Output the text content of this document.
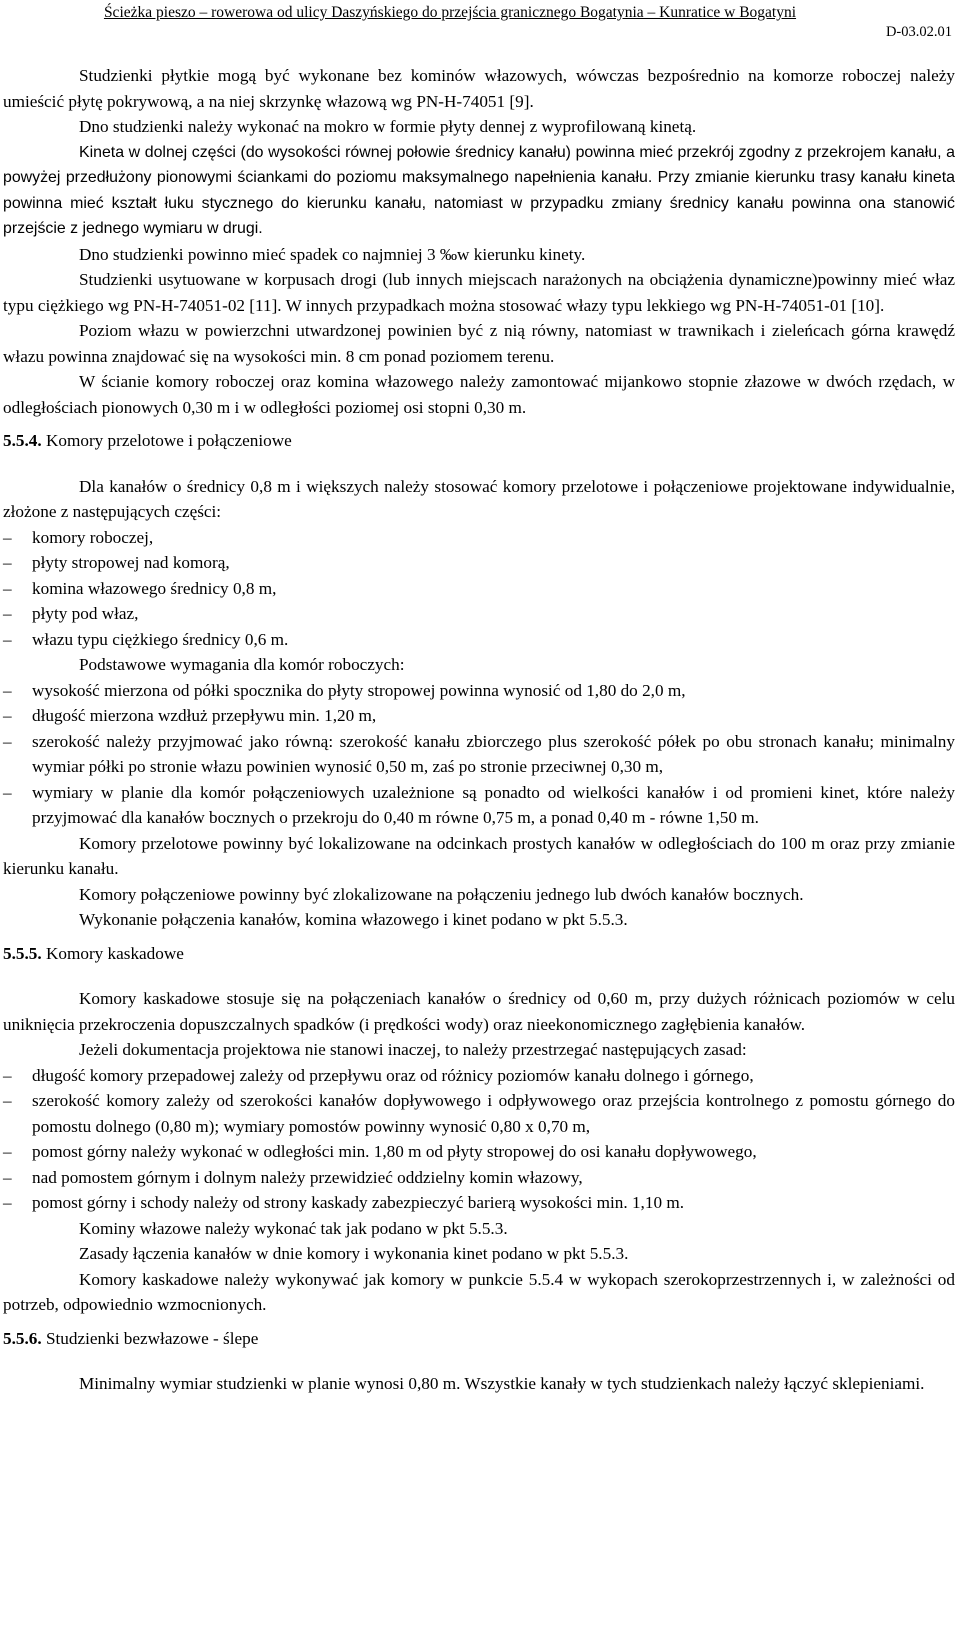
Ścieżka pieszo – rowerowa od ulicy Daszyńskiego do przejścia granicznego Bogatynia – Kunratice w Bogatyni
D-03.02.01

Studzienki płytkie mogą być wykonane bez kominów włazowych, wówczas bezpośrednio na komorze roboczej należy umieścić płytę pokrywową, a na niej skrzynkę włazową wg PN-H-74051 [9].

Dno studzienki należy wykonać na mokro w formie płyty dennej z wyprofilowaną kinetą.

Kineta w dolnej części (do wysokości równej połowie średnicy kanału) powinna mieć przekrój zgodny z przekrojem kanału, a powyżej przedłużony pionowymi ściankami do poziomu maksymalnego napełnienia kanału. Przy zmianie kierunku trasy kanału kineta powinna mieć kształt łuku stycznego do kierunku kanału, natomiast w przypadku zmiany średnicy kanału powinna ona stanowić przejście z jednego wymiaru w drugi.

Dno studzienki powinno mieć spadek co najmniej 3 ‰w kierunku kinety.

Studzienki usytuowane w korpusach drogi (lub innych miejscach narażonych na obciążenia dynamiczne)powinny mieć właz typu ciężkiego wg PN-H-74051-02 [11]. W innych przypadkach można stosować włazy typu lekkiego wg PN-H-74051-01 [10].

Poziom włazu w powierzchni utwardzonej powinien być z nią równy, natomiast w trawnikach i zieleńcach górna krawędź włazu powinna znajdować się na wysokości min. 8 cm ponad poziomem terenu.

W ścianie komory roboczej oraz komina włazowego należy zamontować mijankowo stopnie złazowe w dwóch rzędach, w odległościach pionowych 0,30 m i w odległości poziomej osi stopni 0,30 m.

5.5.4. Komory przelotowe i połączeniowe

Dla kanałów o średnicy 0,8 m i większych należy stosować komory przelotowe i połączeniowe projektowane indywidualnie, złożone z następujących części:

– komory roboczej,

– płyty stropowej nad komorą,

– komina włazowego średnicy 0,8 m,

– płyty pod właz,

– włazu typu ciężkiego średnicy 0,6 m.

Podstawowe wymagania dla komór roboczych:

– wysokość mierzona od półki spocznika do płyty stropowej powinna wynosić od 1,80 do 2,0 m,

– długość mierzona wzdłuż przepływu min. 1,20 m,

– szerokość należy przyjmować jako równą: szerokość kanału zbiorczego plus szerokość półek po obu stronach kanału; minimalny wymiar półki po stronie włazu powinien wynosić 0,50 m, zaś po stronie przeciwnej 0,30 m,

– wymiary w planie dla komór połączeniowych uzależnione są ponadto od wielkości kanałów i od promieni kinet, które należy przyjmować dla kanałów bocznych o przekroju do 0,40 m równe 0,75 m, a ponad 0,40 m - równe 1,50 m.

Komory przelotowe powinny być lokalizowane na odcinkach prostych kanałów w odległościach do 100 m oraz przy zmianie kierunku kanału.

Komory połączeniowe powinny być zlokalizowane na połączeniu jednego lub dwóch kanałów bocznych.

Wykonanie połączenia kanałów, komina włazowego i kinet podano w pkt 5.5.3.

5.5.5. Komory kaskadowe

Komory kaskadowe stosuje się na połączeniach kanałów o średnicy od 0,60 m, przy dużych różnicach poziomów w celu uniknięcia przekroczenia dopuszczalnych spadków (i prędkości wody) oraz nieekonomicznego zagłębienia kanałów.

Jeżeli dokumentacja projektowa nie stanowi inaczej, to należy przestrzegać następujących zasad:

– długość komory przepadowej zależy od przepływu oraz od różnicy poziomów kanału dolnego i górnego,

– szerokość komory zależy od szerokości kanałów dopływowego i odpływowego oraz przejścia kontrolnego z pomostu górnego do pomostu dolnego (0,80 m); wymiary pomostów powinny wynosić 0,80 x 0,70 m,

– pomost górny należy wykonać w odległości min. 1,80 m od płyty stropowej do osi kanału dopływowego,

– nad pomostem górnym i dolnym należy przewidzieć oddzielny komin włazowy,

– pomost górny i schody należy od strony kaskady zabezpieczyć barierą wysokości min. 1,10 m.

Kominy włazowe należy wykonać tak jak podano w pkt 5.5.3.

Zasady łączenia kanałów w dnie komory i wykonania kinet podano w pkt 5.5.3.

Komory kaskadowe należy wykonywać jak komory w punkcie 5.5.4 w wykopach szerokoprzestrzennych i, w zależności od potrzeb, odpowiednio wzmocnionych.

5.5.6. Studzienki bezwłazowe - ślepe

Minimalny wymiar studzienki w planie wynosi 0,80 m. Wszystkie kanały w tych studzienkach należy łączyć sklepieniami.
